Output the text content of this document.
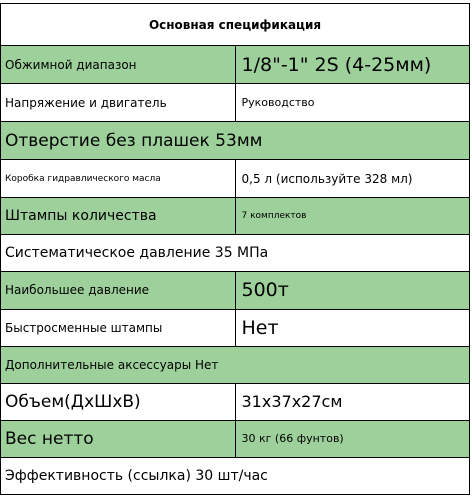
Основная спецификация	
Обжимной диапазон	1/8"-1" 2S (4-25мм)
Напряжение и двигатель	Руководство
Отверстие без плашек 53мм	
Коробка гидравлического масла	0,5 л (используйте 328 мл)
Штампы количества	7 комплектов
Систематическое давление 35 МПа	
Наибольшее давление	500т
Быстросменные штампы	Нет
Дополнительные аксессуары Нет	
Объем(ДхШхВ)	31x37x27см
Вес нетто	30 кг (66 фунтов)
Эффективность (ссылка) 30 шт/час	
